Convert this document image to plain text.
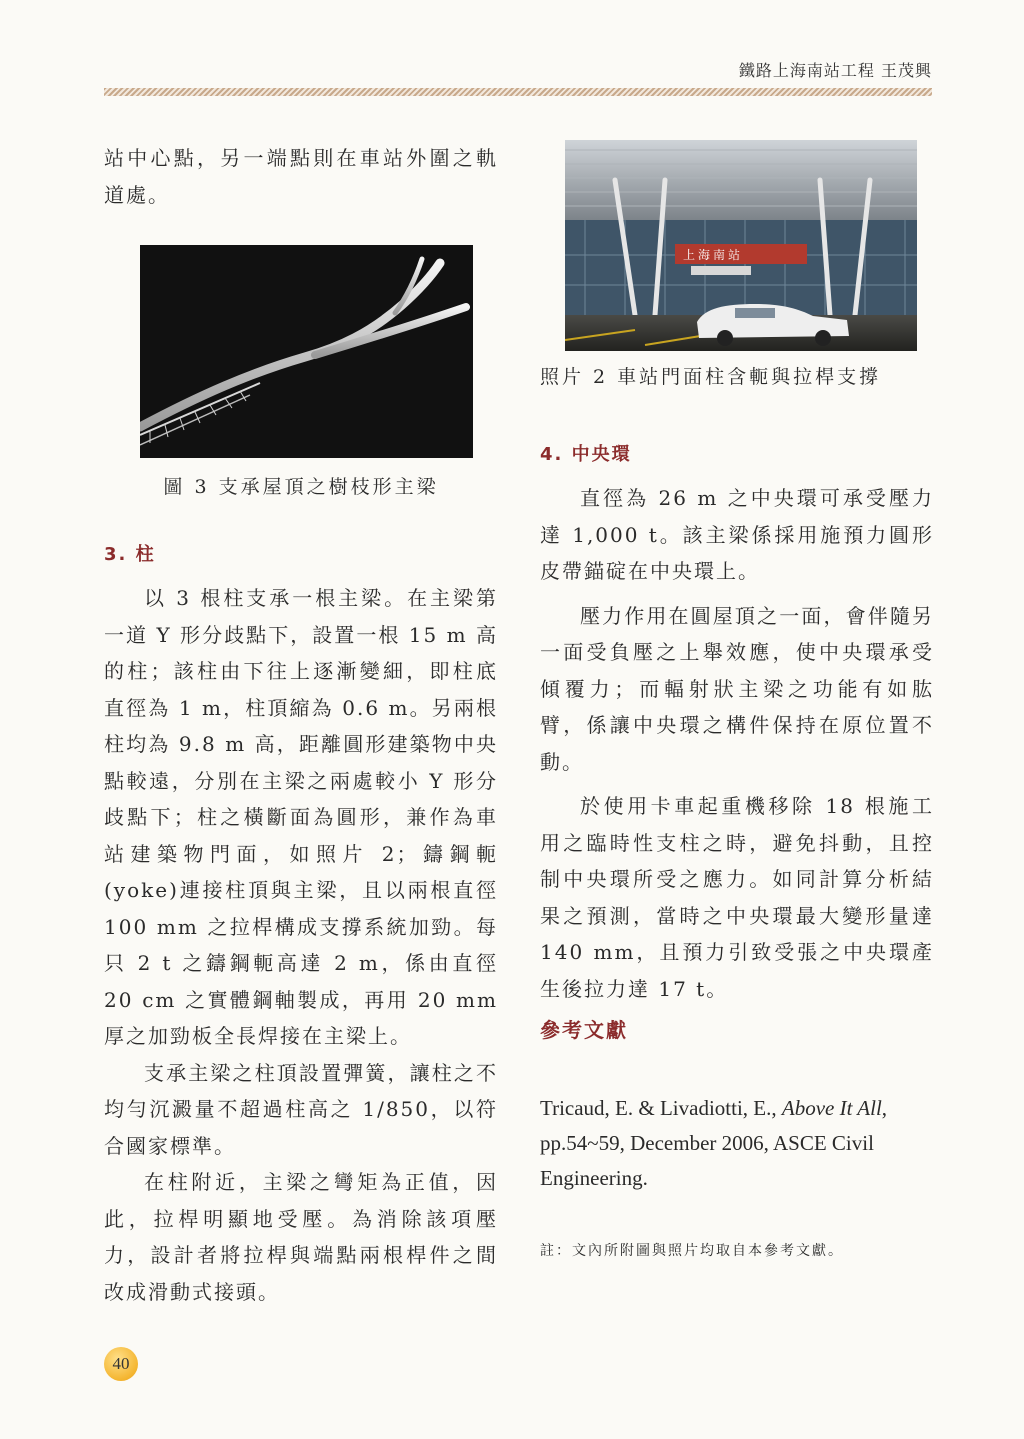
鐵路上海南站工程 王茂興

站中心點，另一端點則在車站外圍之軌道處。

圖 3 支承屋頂之樹枝形主梁

3. 柱

以 3 根柱支承一根主梁。在主梁第一道 Y 形分歧點下，設置一根 15 m 高的柱；該柱由下往上逐漸變細，即柱底直徑為 1 m，柱頂縮為 0.6 m。另兩根柱均為 9.8 m 高，距離圓形建築物中央點較遠，分別在主梁之兩處較小 Y 形分歧點下；柱之橫斷面為圓形，兼作為車站建築物門面，如照片 2；鑄鋼軛(yoke)連接柱頂與主梁，且以兩根直徑 100 mm 之拉桿構成支撐系統加勁。每只 2 t 之鑄鋼軛高達 2 m，係由直徑 20 cm 之實體鋼軸製成，再用 20 mm 厚之加勁板全長焊接在主梁上。

支承主梁之柱頂設置彈簧，讓柱之不均勻沉澱量不超過柱高之 1/850，以符合國家標準。

在柱附近，主梁之彎矩為正值，因此，拉桿明顯地受壓。為消除該項壓力，設計者將拉桿與端點兩根桿件之間改成滑動式接頭。

上海南站

照片 2 車站門面柱含軛與拉桿支撐

4. 中央環

直徑為 26 m 之中央環可承受壓力達 1,000 t。該主梁係採用施預力圓形皮帶錨碇在中央環上。

壓力作用在圓屋頂之一面，會伴隨另一面受負壓之上舉效應，使中央環承受傾覆力；而輻射狀主梁之功能有如肱臂，係讓中央環之構件保持在原位置不動。

於使用卡車起重機移除 18 根施工用之臨時性支柱之時，避免抖動，且控制中央環所受之應力。如同計算分析結果之預測，當時之中央環最大變形量達 140 mm，且預力引致受張之中央環產生後拉力達 17 t。

參考文獻

Tricaud, E. & Livadiotti, E., Above It All, pp.54~59, December 2006, ASCE Civil Engineering.

註：文內所附圖與照片均取自本參考文獻。

40
